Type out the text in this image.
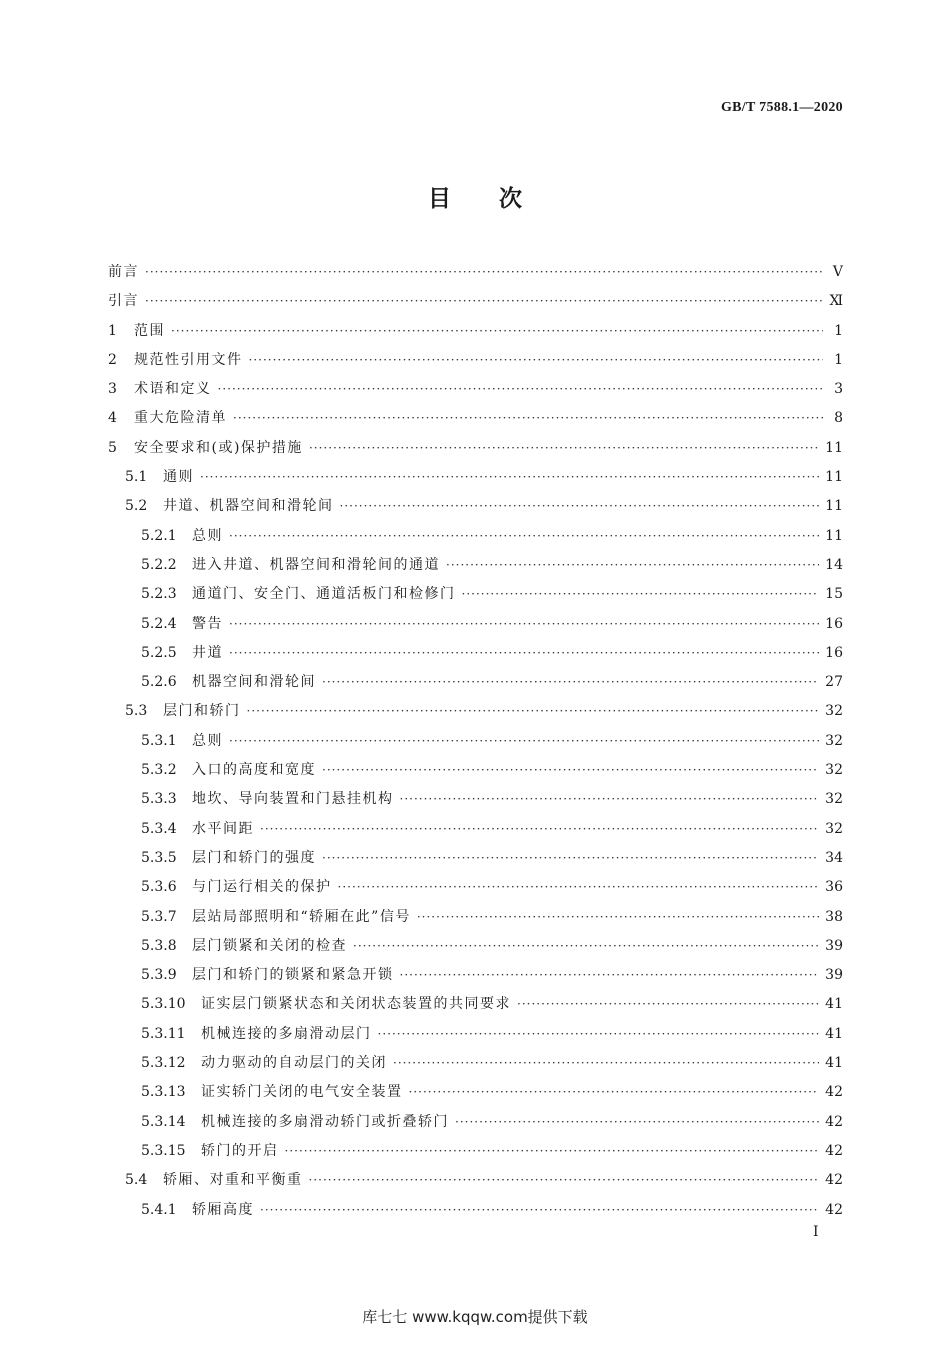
GB/T 7588.1—2020
目次
前言 ·····	Ⅴ
引言 ·····	Ⅺ
1	范围 ·····	1
2	规范性引用文件 ·····	1
3	术语和定义 ·····	3
4	重大危险清单 ·····	8
5	安全要求和(或)保护措施 ·····	11
5.1	通则 ·····	11
5.2	井道、机器空间和滑轮间 ·····	11
5.2.1	总则 ·····	11
5.2.2	进入井道、机器空间和滑轮间的通道 ·····	14
5.2.3	通道门、安全门、通道活板门和检修门 ·····	15
5.2.4	警告 ·····	16
5.2.5	井道 ·····	16
5.2.6	机器空间和滑轮间 ·····	27
5.3	层门和轿门 ·····	32
5.3.1	总则 ·····	32
5.3.2	入口的高度和宽度 ·····	32
5.3.3	地坎、导向装置和门悬挂机构 ·····	32
5.3.4	水平间距 ·····	32
5.3.5	层门和轿门的强度 ·····	34
5.3.6	与门运行相关的保护 ·····	36
5.3.7	层站局部照明和“轿厢在此”信号 ·····	38
5.3.8	层门锁紧和关闭的检查 ·····	39
5.3.9	层门和轿门的锁紧和紧急开锁 ·····	39
5.3.10	证实层门锁紧状态和关闭状态装置的共同要求 ·····	41
5.3.11	机械连接的多扇滑动层门 ·····	41
5.3.12	动力驱动的自动层门的关闭 ·····	41
5.3.13	证实轿门关闭的电气安全装置 ·····	42
5.3.14	机械连接的多扇滑动轿门或折叠轿门 ·····	42
5.3.15	轿门的开启 ·····	42
5.4	轿厢、对重和平衡重 ·····	42
5.4.1	轿厢高度 ·····	42
Ⅰ
库七七 www.kqqw.com提供下载
